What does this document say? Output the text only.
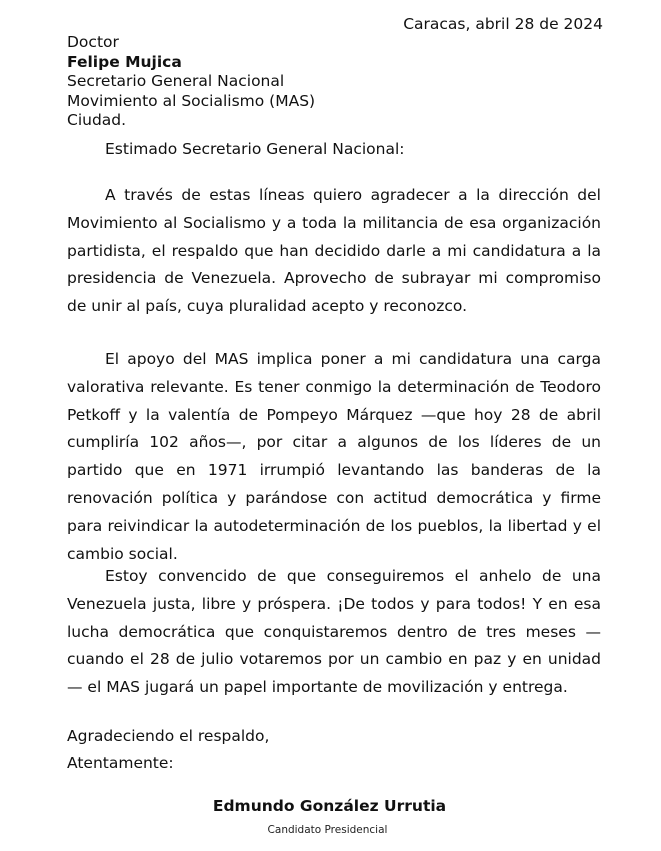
Caracas, abril 28 de 2024
Doctor
Felipe Mujica
Secretario General Nacional
Movimiento al Socialismo (MAS)
Ciudad.
Estimado Secretario General Nacional:

A través de estas líneas quiero agradecer a la dirección del Movimiento al Socialismo y a toda la militancia de esa organización partidista, el respaldo que han decidido darle a mi candidatura a la presidencia de Venezuela. Aprovecho de subrayar mi compromiso de unir al país, cuya pluralidad acepto y reconozco.

El apoyo del MAS implica poner a mi candidatura una carga valorativa relevante. Es tener conmigo la determinación de Teodoro Petkoff y la valentía de Pompeyo Márquez —que hoy 28 de abril cumpliría 102 años—, por citar a algunos de los líderes de un partido que en 1971 irrumpió levantando las banderas de la renovación política y parándose con actitud democrática y firme para reivindicar la autodeterminación de los pueblos, la libertad y el cambio social.

Estoy convencido de que conseguiremos el anhelo de una Venezuela justa, libre y próspera. ¡De todos y para todos! Y en esa lucha democrática que conquistaremos dentro de tres meses —cuando el 28 de julio votaremos por un cambio en paz y en unidad— el MAS jugará un papel importante de movilización y entrega.

Agradeciendo el respaldo,
Atentamente:
Edmundo González Urrutia
Candidato Presidencial
